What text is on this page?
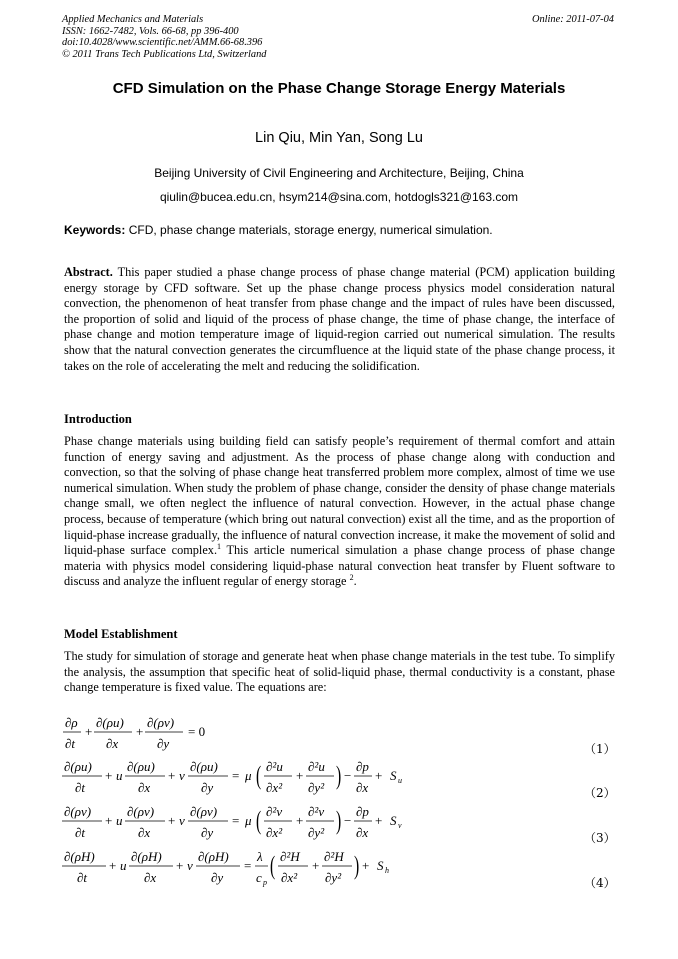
Applied Mechanics and Materials
ISSN: 1662-7482, Vols. 66-68, pp 396-400
doi:10.4028/www.scientific.net/AMM.66-68.396
© 2011 Trans Tech Publications Ltd, Switzerland
Online: 2011-07-04
CFD Simulation on the Phase Change Storage Energy Materials
Lin Qiu, Min Yan, Song Lu
Beijing University of Civil Engineering and Architecture, Beijing, China
qiulin@bucea.edu.cn, hsym214@sina.com, hotdogls321@163.com
Keywords: CFD, phase change materials, storage energy, numerical simulation.

Abstract. This paper studied a phase change process of phase change material (PCM) application building energy storage by CFD software. Set up the phase change process physics model consideration natural convection, the phenomenon of heat transfer from phase change and the impact of rules have been discussed, the proportion of solid and liquid of the process of phase change, the time of phase change, the interface of phase change and motion temperature image of liquid-region carried out numerical simulation. The results show that the natural convection generates the circumfluence at the liquid state of the phase change process, it takes on the role of accelerating the melt and reducing the solidification.

Introduction

Phase change materials using building field can satisfy people’s requirement of thermal comfort and attain function of energy saving and adjustment. As the process of phase change along with conduction and convection, so that the solving of phase change heat transferred problem more complex, almost of time we use numerical simulation. When study the problem of phase change, consider the density of phase change materials change small, we often neglect the influence of natural convection. However, in the actual phase change process, because of temperature (which bring out natural convection) exist all the time, and as the proportion of liquid-phase increase gradually, the influence of natural convection increase, it make the movement of solid and liquid-phase surface complex.$^1$ This article numerical simulation a phase change process of phase change materia with physics model considering liquid-phase natural convection heat transfer by Fluent software to discuss and analyze the influent regular of energy storage $^2$.

Model Establishment

The study for simulation of storage and generate heat when phase change materials in the test tube. To simplify the analysis, the assumption that specific heat of solid-liquid phase, thermal conductivity is a constant, phase change temperature is fixed value. The equations are:

∂ρ
∂t
+
∂(ρu)
∂x
+
∂(ρv)
∂y
= 0
（1）
∂(ρu)
∂t
+ u
∂(ρu)
∂x
+ v
∂(ρu)
∂y
= μ ( ∂²u
∂x²
+
∂²u
∂y² ) −
∂p
∂x
+ S u
（2）
∂(ρv)
∂t
+ u
∂(ρv)
∂x
+ v
∂(ρv)
∂y
= μ ( ∂²v
∂x²
+
∂²v
∂y² ) −
∂p
∂x
+ S v
（3）
∂(ρH)
∂t
+ u
∂(ρH)
∂x
+ v
∂(ρH)
∂y
=
λ
c p
( ∂²H
∂x²
+
∂²H
∂y² ) + S h
（4）
